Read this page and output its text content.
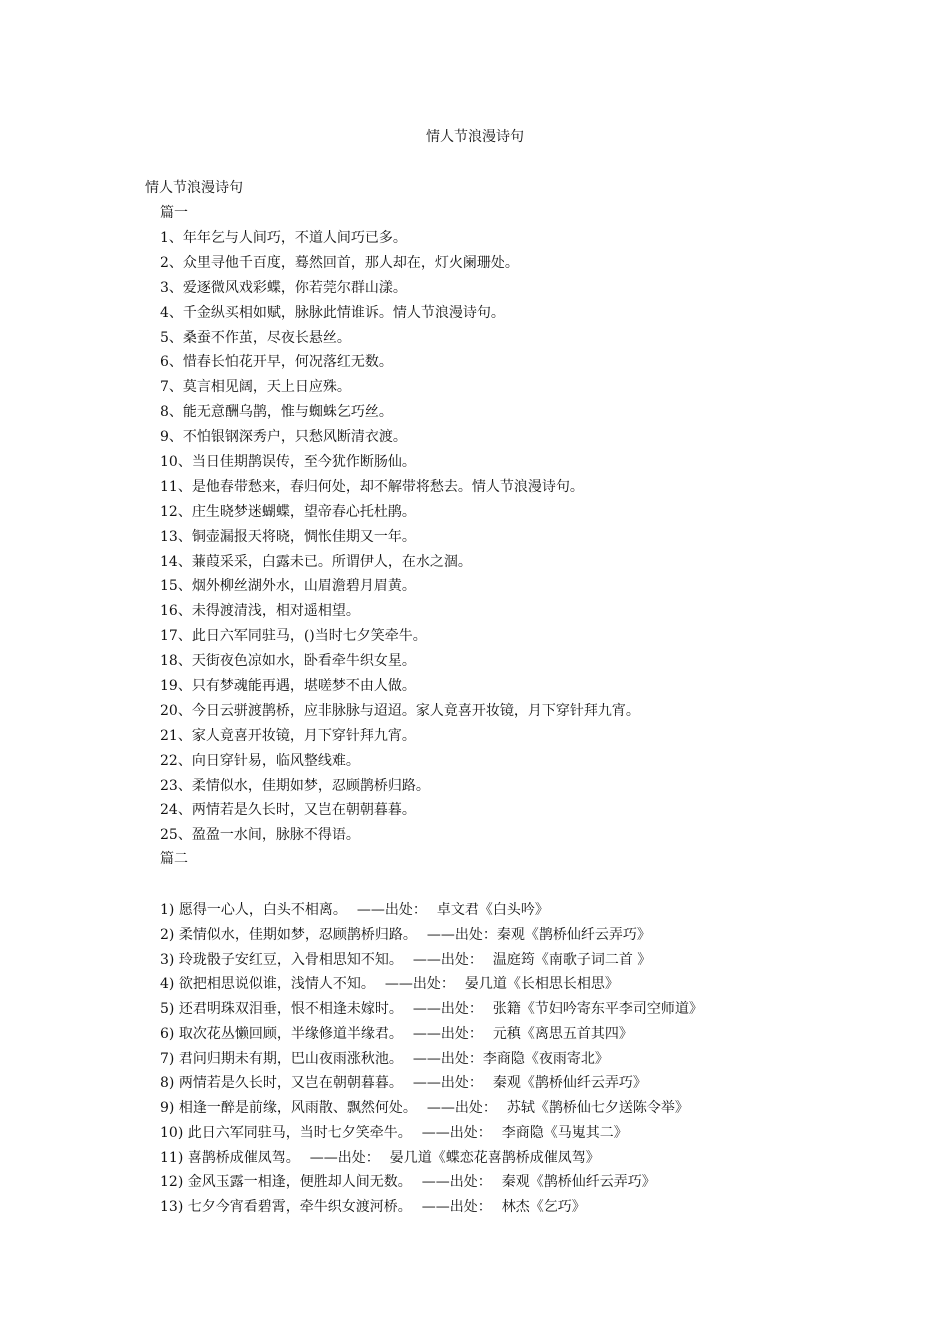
情人节浪漫诗句
情人节浪漫诗句
篇一
1、年年乞与人间巧，不道人间巧已多。
2、众里寻他千百度，蓦然回首，那人却在，灯火阑珊处。
3、爱逐微风戏彩蝶，你若莞尔群山漾。
4、千金纵买相如赋，脉脉此情谁诉。情人节浪漫诗句。
5、桑蚕不作茧，尽夜长悬丝。
6、惜春长怕花开早，何况落红无数。
7、莫言相见阔，天上日应殊。
8、能无意酬乌鹊，惟与蜘蛛乞巧丝。
9、不怕银钢深秀户，只愁风断清衣渡。
10、当日佳期鹊误传，至今犹作断肠仙。
11、是他春带愁来，春归何处，却不解带将愁去。情人节浪漫诗句。
12、庄生晓梦迷蝴蝶，望帝春心托杜鹃。
13、铜壶漏报天将晓，惆怅佳期又一年。
14、蒹葭采采，白露未已。所谓伊人，在水之涸。
15、烟外柳丝湖外水，山眉澹碧月眉黄。
16、未得渡清浅，相对遥相望。
17、此日六军同驻马，()当时七夕笑牵牛。
18、天街夜色凉如水，卧看牵牛织女星。
19、只有梦魂能再遇，堪嗟梦不由人做。
20、今日云骈渡鹊桥，应非脉脉与迢迢。家人竟喜开妆镜，月下穿针拜九宵。
21、家人竟喜开妆镜，月下穿针拜九宵。
22、向日穿针易，临风整线难。
23、柔情似水，佳期如梦，忍顾鹊桥归路。
24、两情若是久长时，又岂在朝朝暮暮。
25、盈盈一水间，脉脉不得语。
篇二
1) 愿得一心人，白头不相离。 ——出处： 卓文君《白头吟》
2) 柔情似水，佳期如梦，忍顾鹊桥归路。 ——出处：秦观《鹊桥仙纤云弄巧》
3) 玲珑骰子安红豆，入骨相思知不知。 ——出处： 温庭筠《南歌子词二首 》
4) 欲把相思说似谁，浅情人不知。 ——出处： 晏几道《长相思长相思》
5) 还君明珠双泪垂，恨不相逢未嫁时。 ——出处： 张籍《节妇吟寄东平李司空师道》
6) 取次花丛懒回顾，半缘修道半缘君。 ——出处： 元稹《离思五首其四》
7) 君问归期未有期，巴山夜雨涨秋池。 ——出处：李商隐《夜雨寄北》
8) 两情若是久长时，又岂在朝朝暮暮。 ——出处： 秦观《鹊桥仙纤云弄巧》
9) 相逢一醉是前缘，风雨散、飘然何处。 ——出处： 苏轼《鹊桥仙七夕送陈令举》
10) 此日六军同驻马，当时七夕笑牵牛。 ——出处： 李商隐《马嵬其二》
11) 喜鹊桥成催凤驾。 ——出处： 晏几道《蝶恋花喜鹊桥成催凤驾》
12) 金风玉露一相逢，便胜却人间无数。 ——出处： 秦观《鹊桥仙纤云弄巧》
13) 七夕今宵看碧霄，牵牛织女渡河桥。 ——出处： 林杰《乞巧》
